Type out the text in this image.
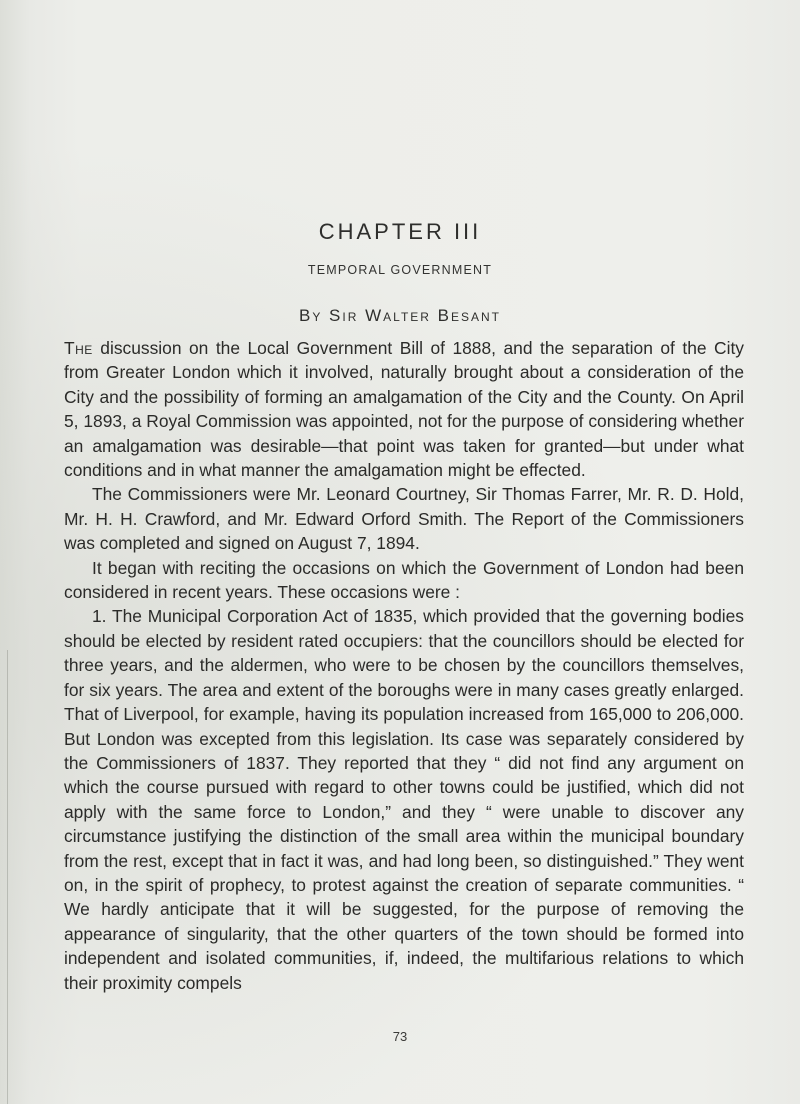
CHAPTER III
TEMPORAL GOVERNMENT
By Sir Walter Besant

The discussion on the Local Government Bill of 1888, and the separation of the City from Greater London which it involved, naturally brought about a consideration of the City and the possibility of forming an amalgamation of the City and the County. On April 5, 1893, a Royal Commission was appointed, not for the purpose of considering whether an amalgamation was desirable—that point was taken for granted—but under what conditions and in what manner the amalgamation might be effected.

The Commissioners were Mr. Leonard Courtney, Sir Thomas Farrer, Mr. R. D. Hold, Mr. H. H. Crawford, and Mr. Edward Orford Smith. The Report of the Commissioners was completed and signed on August 7, 1894.

It began with reciting the occasions on which the Government of London had been considered in recent years. These occasions were :

1. The Municipal Corporation Act of 1835, which provided that the governing bodies should be elected by resident rated occupiers: that the councillors should be elected for three years, and the aldermen, who were to be chosen by the councillors themselves, for six years. The area and extent of the boroughs were in many cases greatly enlarged. That of Liverpool, for example, having its population increased from 165,000 to 206,000. But London was excepted from this legislation. Its case was separately considered by the Commissioners of 1837. They reported that they “ did not find any argument on which the course pursued with regard to other towns could be justified, which did not apply with the same force to London,” and they “ were unable to discover any circumstance justifying the distinction of the small area within the municipal boundary from the rest, except that in fact it was, and had long been, so distinguished.” They went on, in the spirit of prophecy, to protest against the creation of separate communities. “ We hardly anticipate that it will be suggested, for the purpose of removing the appearance of singularity, that the other quarters of the town should be formed into independent and isolated communities, if, indeed, the multifarious relations to which their proximity compels

73
